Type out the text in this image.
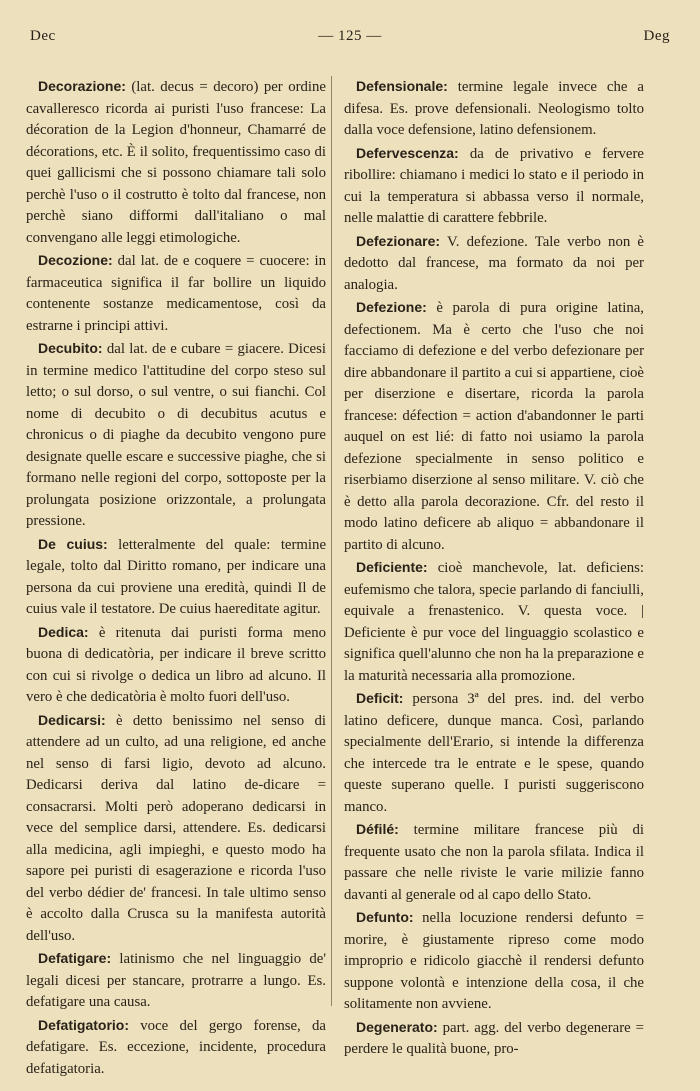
Dec	— 125 —	Deg

Decorazione: (lat. decus = decoro) per ordine cavalleresco ricorda ai puristi l'uso francese: La décoration de la Legion d'honneur, Chamarré de décorations, etc. È il solito, frequentissimo caso di quei gallicismi che si possono chiamare tali solo perchè l'uso o il costrutto è tolto dal francese, non perchè siano difformi dall'italiano o mal convengano alle leggi etimologiche.

Decozione: dal lat. de e coquere = cuocere: in farmaceutica significa il far bollire un liquido contenente sostanze medicamentose, così da estrarne i principi attivi.

Decubito: dal lat. de e cubare = giacere. Dicesi in termine medico l'attitudine del corpo steso sul letto; o sul dorso, o sul ventre, o sui fianchi. Col nome di decubito o di decubitus acutus e chronicus o di piaghe da decubito vengono pure designate quelle escare e successive piaghe, che si formano nelle regioni del corpo, sottoposte per la prolungata posizione orizzontale, a prolungata pressione.

De cuius: letteralmente del quale: termine legale, tolto dal Diritto romano, per indicare una persona da cui proviene una eredità, quindi Il de cuius vale il testatore. De cuius haereditate agitur.

Dedica: è ritenuta dai puristi forma meno buona di dedicatòria, per indicare il breve scritto con cui si rivolge o dedica un libro ad alcuno. Il vero è che dedicatòria è molto fuori dell'uso.

Dedicarsi: è detto benissimo nel senso di attendere ad un culto, ad una religione, ed anche nel senso di farsi ligio, devoto ad alcuno. Dedicarsi deriva dal latino de-dicare = consacrarsi. Molti però adoperano dedicarsi in vece del semplice darsi, attendere. Es. dedicarsi alla medicina, agli impieghi, e questo modo ha sapore pei puristi di esagerazione e ricorda l'uso del verbo dédier de' francesi. In tale ultimo senso è accolto dalla Crusca su la manifesta autorità dell'uso.

Defatigare: latinismo che nel linguaggio de' legali dicesi per stancare, protrarre a lungo. Es. defatigare una causa.

Defatigatorio: voce del gergo forense, da defatigare. Es. eccezione, incidente, procedura defatigatoria.

Defensionale: termine legale invece che a difesa. Es. prove defensionali. Neologismo tolto dalla voce defensione, latino defensionem.

Defervescenza: da de privativo e fervere ribollire: chiamano i medici lo stato e il periodo in cui la temperatura si abbassa verso il normale, nelle malattie di carattere febbrile.

Defezionare: V. defezione. Tale verbo non è dedotto dal francese, ma formato da noi per analogia.

Defezione: è parola di pura origine latina, defectionem. Ma è certo che l'uso che noi facciamo di defezione e del verbo defezionare per dire abbandonare il partito a cui si appartiene, cioè per diserzione e disertare, ricorda la parola francese: défection = action d'abandonner le parti auquel on est lié: di fatto noi usiamo la parola defezione specialmente in senso politico e riserbiamo diserzione al senso militare. V. ciò che è detto alla parola decorazione. Cfr. del resto il modo latino deficere ab aliquo = abbandonare il partito di alcuno.

Deficiente: cioè manchevole, lat. deficiens: eufemismo che talora, specie parlando di fanciulli, equivale a frenastenico. V. questa voce. | Deficiente è pur voce del linguaggio scolastico e significa quell'alunno che non ha la preparazione e la maturità necessaria alla promozione.

Deficit: persona 3ª del pres. ind. del verbo latino deficere, dunque manca. Così, parlando specialmente dell'Erario, si intende la differenza che intercede tra le entrate e le spese, quando queste superano quelle. I puristi suggeriscono manco.

Défilé: termine militare francese più di frequente usato che non la parola sfilata. Indica il passare che nelle riviste le varie milizie fanno davanti al generale od al capo dello Stato.

Defunto: nella locuzione rendersi defunto = morire, è giustamente ripreso come modo improprio e ridicolo giacchè il rendersi defunto suppone volontà e intenzione della cosa, il che solitamente non avviene.

Degenerato: part. agg. del verbo degenerare = perdere le qualità buone, pro-
